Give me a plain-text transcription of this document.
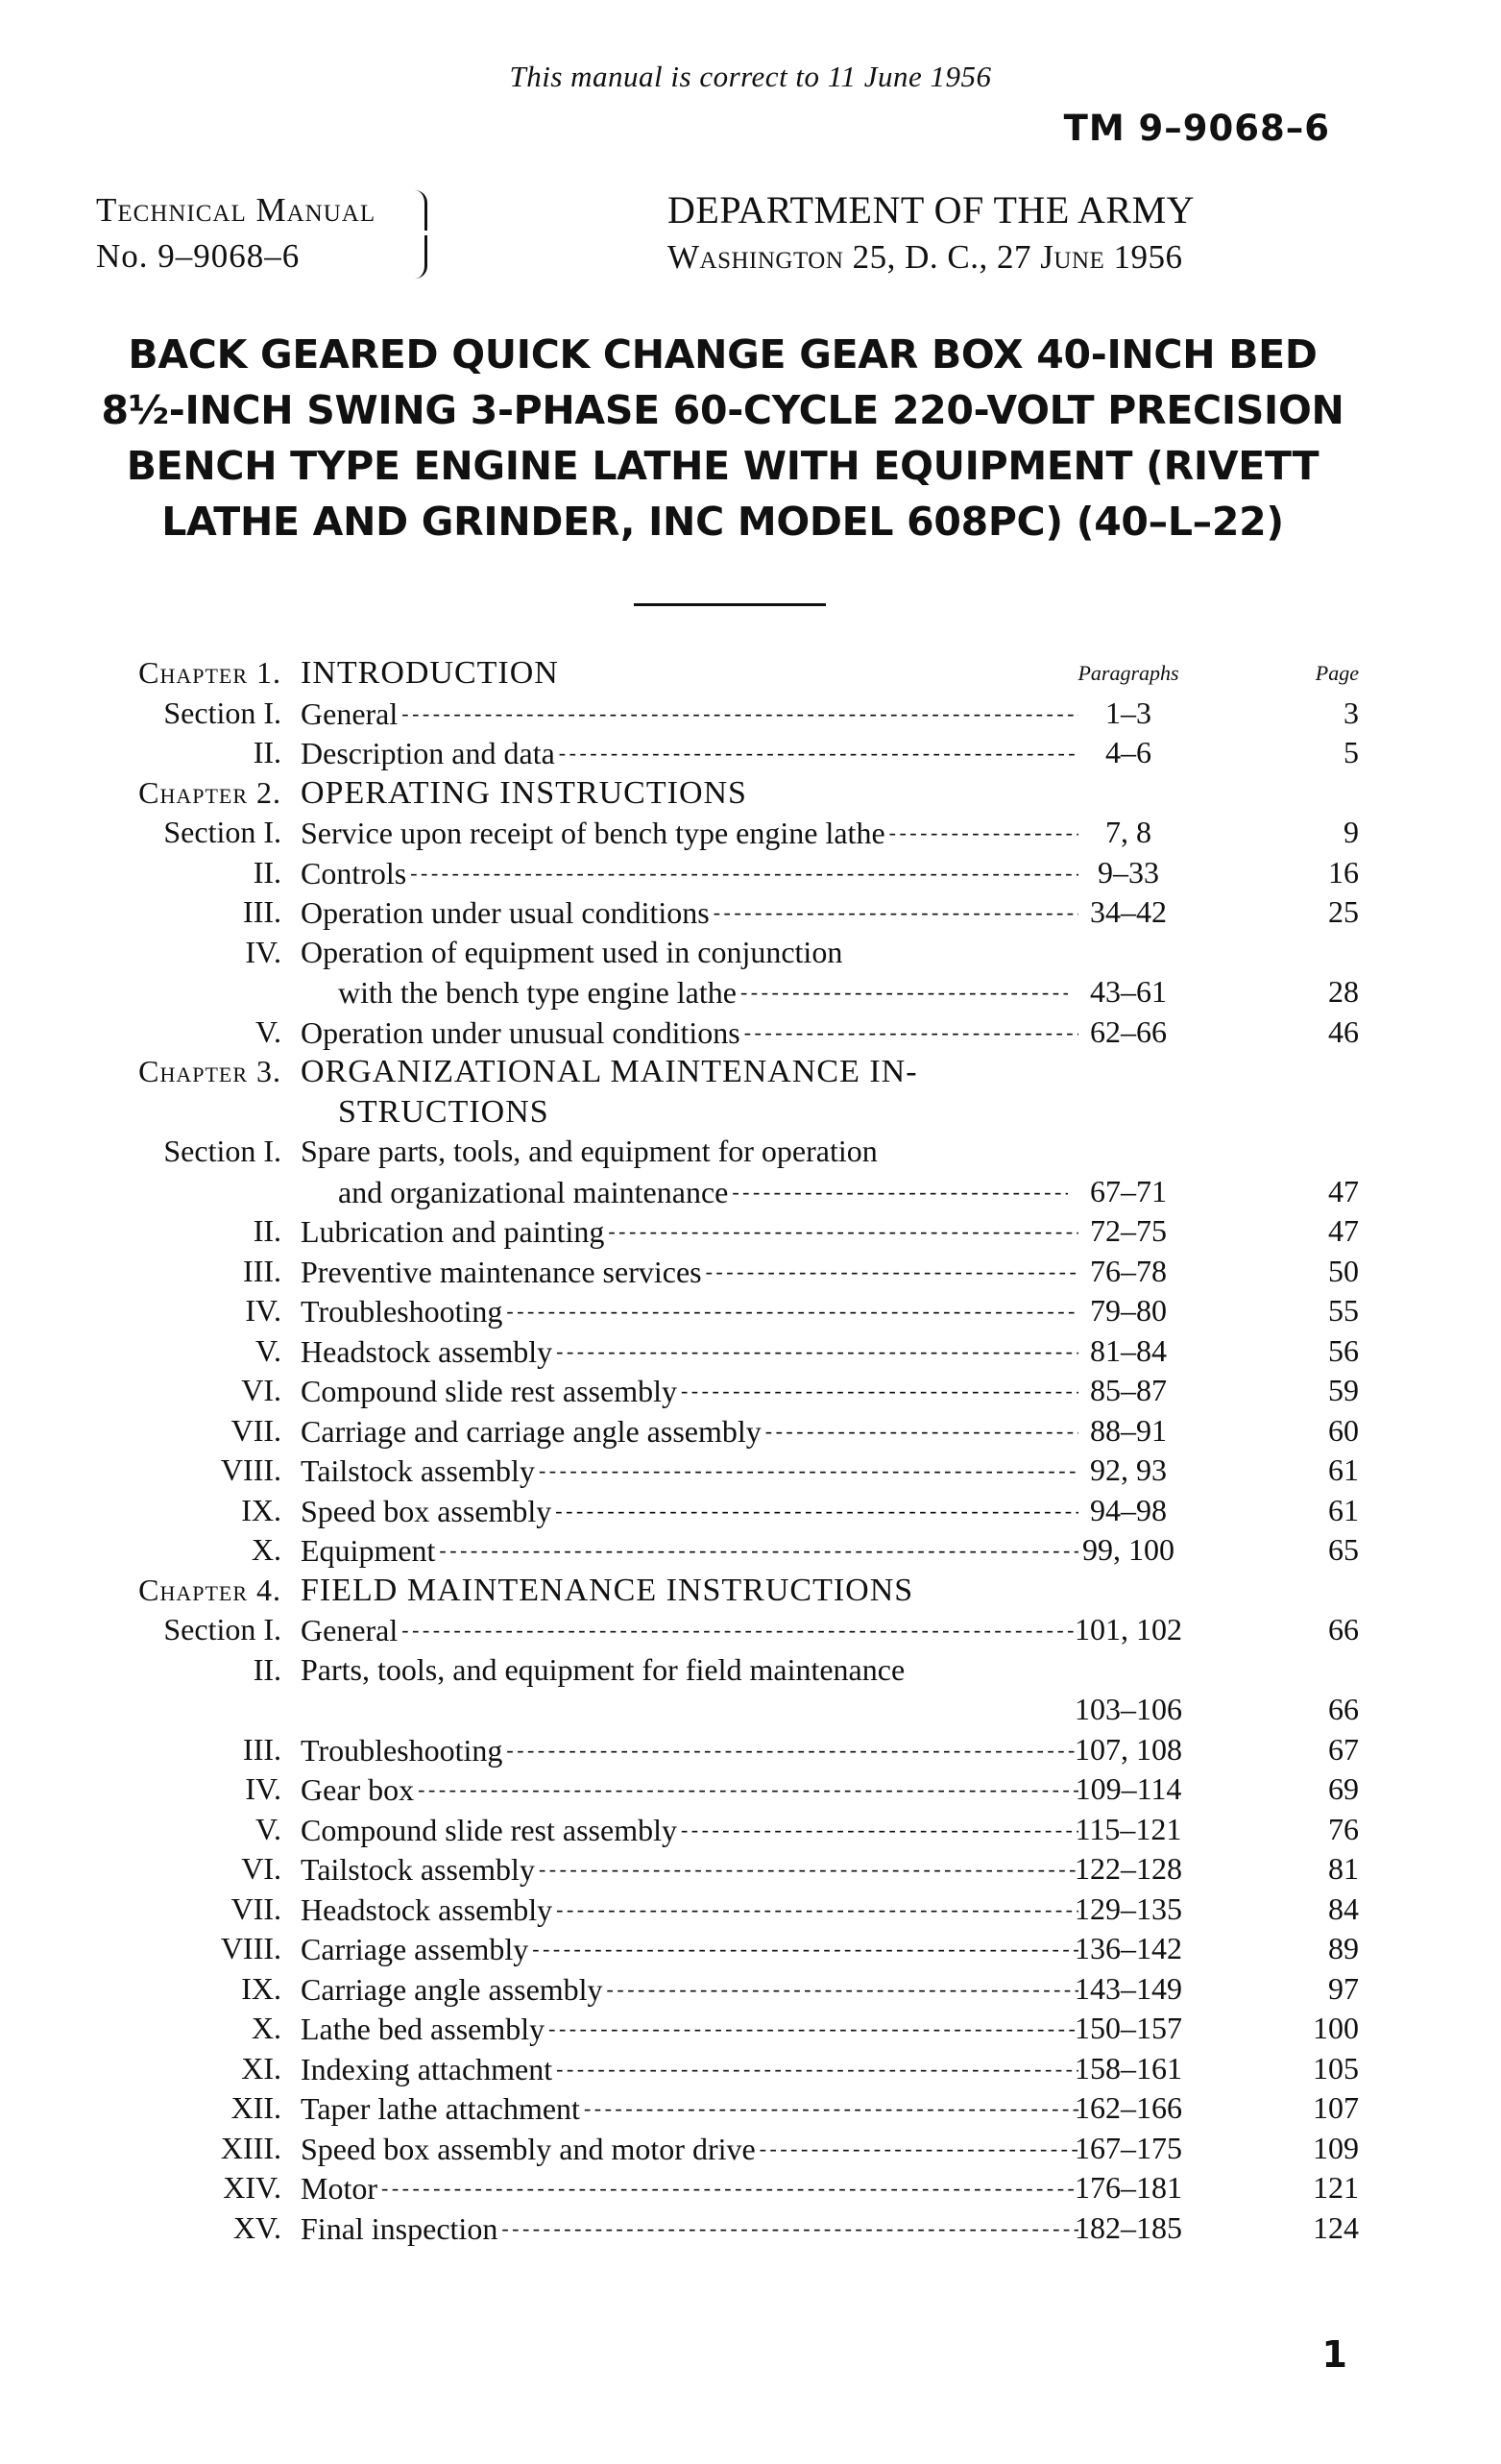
This manual is correct to 11 June 1956
TM 9–9068–6
Technical Manual
No. 9–9068–6
DEPARTMENT OF THE ARMY
Washington 25, D. C., 27 June 1956
BACK GEARED QUICK CHANGE GEAR BOX 40-INCH BED
8½-INCH SWING 3-PHASE 60-CYCLE 220-VOLT PRECISION
BENCH TYPE ENGINE LATHE WITH EQUIPMENT (RIVETT
LATHE AND GRINDER, INC MODEL 608PC) (40–L–22)
Chapter 1. INTRODUCTION	Paragraphs	Page
Section I. General - - -	1–3	3
II. Description and data - - -	4–6	5
Chapter 2. OPERATING INSTRUCTIONS
Section I. Service upon receipt of bench type engine lathe - - -	7, 8	9
II. Controls - - -	9–33	16
III. Operation under usual conditions - - -	34–42	25
IV. Operation of equipment used in conjunction
with the bench type engine lathe - - -	43–61	28
V. Operation under unusual conditions - - -	62–66	46
Chapter 3. ORGANIZATIONAL MAINTENANCE IN-
STRUCTIONS
Section I. Spare parts, tools, and equipment for operation
and organizational maintenance - - -	67–71	47
II. Lubrication and painting - - -	72–75	47
III. Preventive maintenance services - - -	76–78	50
IV. Troubleshooting - - -	79–80	55
V. Headstock assembly - - -	81–84	56
VI. Compound slide rest assembly - - -	85–87	59
VII. Carriage and carriage angle assembly - - -	88–91	60
VIII. Tailstock assembly - - -	92, 93	61
IX. Speed box assembly - - -	94–98	61
X. Equipment - - -	99, 100	65
Chapter 4. FIELD MAINTENANCE INSTRUCTIONS
Section I. General - - -	101, 102	66
II. Parts, tools, and equipment for field maintenance
103–106	66
III. Troubleshooting - - -	107, 108	67
IV. Gear box - - -	109–114	69
V. Compound slide rest assembly - - -	115–121	76
VI. Tailstock assembly - - -	122–128	81
VII. Headstock assembly - - -	129–135	84
VIII. Carriage assembly - - -	136–142	89
IX. Carriage angle assembly - - -	143–149	97
X. Lathe bed assembly - - -	150–157	100
XI. Indexing attachment - - -	158–161	105
XII. Taper lathe attachment - - -	162–166	107
XIII. Speed box assembly and motor drive - - -	167–175	109
XIV. Motor - - -	176–181	121
XV. Final inspection - - -	182–185	124
1
